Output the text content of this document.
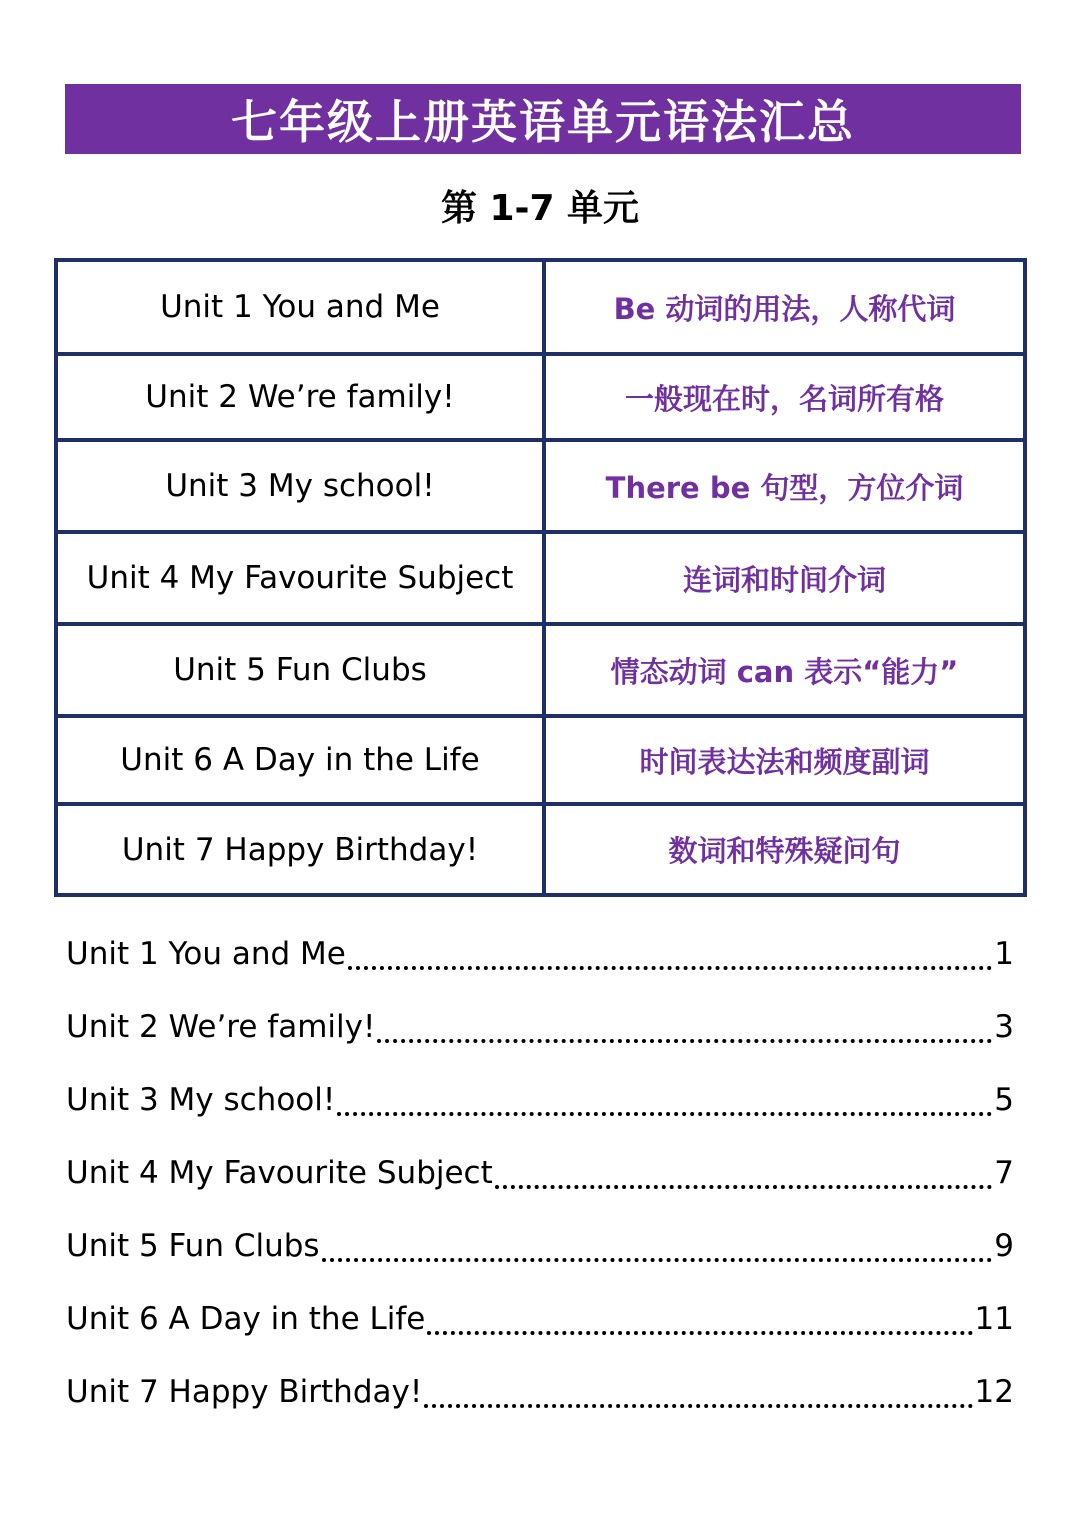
七年级上册英语单元语法汇总
第 1-7 单元
Unit 1 You and Me	Be 动词的用法，人称代词
Unit 2 We’re family!	一般现在时，名词所有格
Unit 3 My school!	There be 句型，方位介词
Unit 4 My Favourite Subject	连词和时间介词
Unit 5 Fun Clubs	情态动词 can 表示“能力”
Unit 6 A Day in the Life	时间表达法和频度副词
Unit 7 Happy Birthday!	数词和特殊疑问句
Unit 1 You and Me	1
Unit 2 We’re family!	3
Unit 3 My school!	5
Unit 4 My Favourite Subject	7
Unit 5 Fun Clubs	9
Unit 6 A Day in the Life	11
Unit 7 Happy Birthday!	12
